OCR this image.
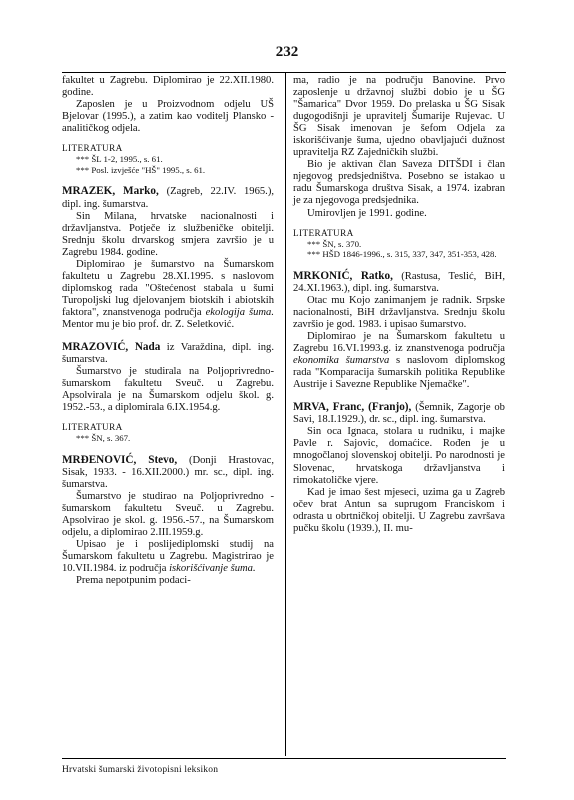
232

fakultet u Zagrebu. Diplomirao je 22.XII.1980. godine.

Zaposlen je u Proizvodnom odjelu UŠ Bjelovar (1995.), a zatim kao voditelj Plansko - analitičkog odjela.

LITERATURA

*** ŠL 1-2, 1995., s. 61.

*** Posl. izvješće "HŠ" 1995., s. 61.

MRAZEK, Marko, (Zagreb, 22.IV. 1965.), dipl. ing. šumarstva.

Sin Milana, hrvatske nacionalnosti i državljanstva. Potječe iz službeničke obitelji. Srednju školu drvarskog smjera završio je u Zagrebu 1984. godine.

Diplomirao je šumarstvo na Šumarskom fakultetu u Zagrebu 28.XI.1995. s naslovom diplomskog rada "Oštećenost stabala u šumi Turopoljski lug djelovanjem biotskih i abiotskih faktora", znanstvenoga područja ekologija šuma. Mentor mu je bio prof. dr. Z. Seletković.

MRAZOVIĆ, Nada iz Varaždina, dipl. ing. šumarstva.

Šumarstvo je studirala na Poljoprivredno-šumarskom fakultetu Sveuč. u Zagrebu. Apsolvirala je na Šumarskom odjelu škol. g. 1952.-53., a diplomirala 6.IX.1954.g.

LITERATURA

*** ŠN, s. 367.

MRĐENOVIĆ, Stevo, (Donji Hrastovac, Sisak, 1933. - 16.XII.2000.) mr. sc., dipl. ing. šumarstva.

Šumarstvo je studirao na Poljoprivredno - šumarskom fakultetu Sveuč. u Zagrebu. Apsolvirao je skol. g. 1956.-57., na Šumarskom odjelu, a diplomirao 2.III.1959.g.

Upisao je i poslijediplomski studij na Šumarskom fakultetu u Zagrebu. Magistrirao je 10.VII.1984. iz područja iskorišćivanje šuma.

Prema nepotpunim podaci-

ma, radio je na području Banovine. Prvo zaposlenje u državnoj službi dobio je u ŠG "Šamarica" Dvor 1959. Do prelaska u ŠG Sisak dugogodišnji je upravitelj Šumarije Rujevac. U ŠG Sisak imenovan je šefom Odjela za iskorišćivanje šuma, ujedno obavljajući dužnost upravitelja RZ Zajedničkih službi.

Bio je aktivan član Saveza DITŠDI i član njegovog predsjedništva. Posebno se istakao u radu Šumarskoga društva Sisak, a 1974. izabran je za njegovoga predsjednika.

Umirovljen je 1991. godine.

LITERATURA

*** ŠN, s. 370.

*** HŠD 1846-1996., s. 315, 337, 347, 351-353, 428.

MRKONIĆ, Ratko, (Rastusa, Teslić, BiH, 24.XI.1963.), dipl. ing. šumarstva.

Otac mu Kojo zanimanjem je radnik. Srpske nacionalnosti, BiH državljanstva. Srednju školu završio je god. 1983. i upisao šumarstvo.

Diplomirao je na Šumarskom fakultetu u Zagrebu 16.VI.1993.g. iz znanstvenoga područja ekonomika šumarstva s naslovom diplomskog rada "Komparacija šumarskih politika Republike Austrije i Savezne Republike Njemačke".

MRVA, Franc, (Franjo), (Šemnik, Zagorje ob Savi, 18.I.1929.), dr. sc., dipl. ing. šumarstva.

Sin oca Ignaca, stolara u rudniku, i majke Pavle r. Sajovic, domaćice. Rođen je u mnogočlanoj slovenskoj obitelji. Po narodnosti je Slovenac, hrvatskoga državljanstva i rimokatoličke vjere.

Kad je imao šest mjeseci, uzima ga u Zagreb očev brat Antun sa suprugom Franciskom i odrasta u obrtničkoj obitelji. U Zagrebu završava pučku školu (1939.), II. mu-

Hrvatski šumarski životopisni leksikon
